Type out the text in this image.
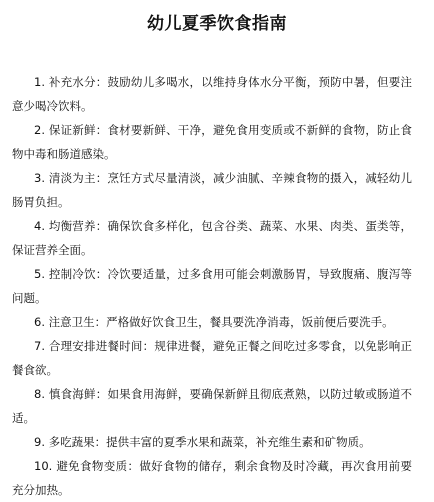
幼儿夏季饮食指南

1. 补充水分：鼓励幼儿多喝水，以维持身体水分平衡，预防中暑，但要注意少喝冷饮料。

2. 保证新鲜：食材要新鲜、干净，避免食用变质或不新鲜的食物，防止食物中毒和肠道感染。

3. 清淡为主：烹饪方式尽量清淡，减少油腻、辛辣食物的摄入，减轻幼儿肠胃负担。

4. 均衡营养：确保饮食多样化，包含谷类、蔬菜、水果、肉类、蛋类等，保证营养全面。

5. 控制冷饮：冷饮要适量，过多食用可能会刺激肠胃，导致腹痛、腹泻等问题。

6. 注意卫生：严格做好饮食卫生，餐具要洗净消毒，饭前便后要洗手。

7. 合理安排进餐时间：规律进餐，避免正餐之间吃过多零食，以免影响正餐食欲。

8. 慎食海鲜：如果食用海鲜，要确保新鲜且彻底煮熟，以防过敏或肠道不适。

9. 多吃蔬果：提供丰富的夏季水果和蔬菜，补充维生素和矿物质。

10. 避免食物变质：做好食物的储存，剩余食物及时冷藏，再次食用前要充分加热。
